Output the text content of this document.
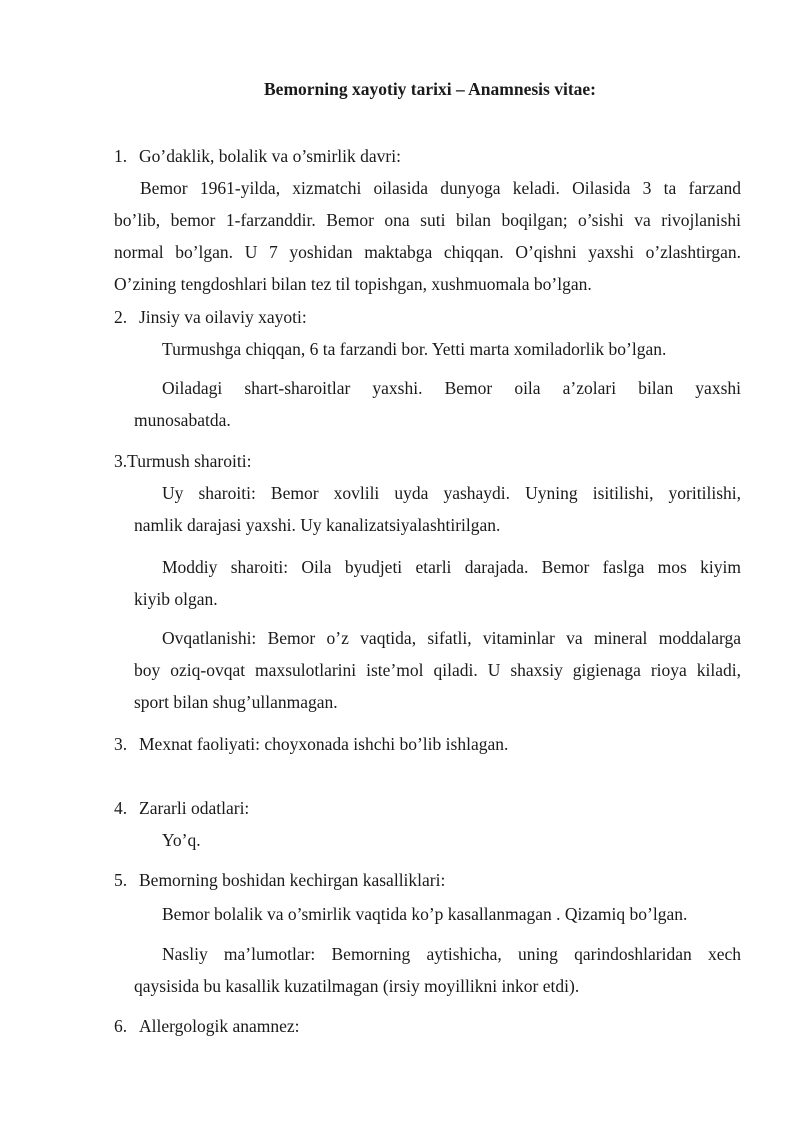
Bemorning xayotiy tarixi – Anamnesis vitae:
1. Go’daklik, bolalik va o’smirlik davri:
Bemor 1961-yilda, xizmatchi oilasida dunyoga keladi. Oilasida 3 ta farzand
bo’lib, bemor 1-farzanddir. Bemor ona suti bilan boqilgan; o’sishi va rivojlanishi
normal bo’lgan. U 7 yoshidan maktabga chiqqan. O’qishni yaxshi o’zlashtirgan.
O’zining tengdoshlari bilan tez til topishgan, xushmuomala bo’lgan.
2. Jinsiy va oilaviy xayoti:
Turmushga chiqqan, 6 ta farzandi bor. Yetti marta xomiladorlik bo’lgan.
Oiladagi shart-sharoitlar yaxshi. Bemor oila a’zolari bilan yaxshi
munosabatda.
3.Turmush sharoiti:
Uy sharoiti: Bemor xovlili uyda yashaydi. Uyning isitilishi, yoritilishi,
namlik darajasi yaxshi. Uy kanalizatsiyalashtirilgan.
Moddiy sharoiti: Oila byudjeti etarli darajada. Bemor faslga mos kiyim
kiyib olgan.
Ovqatlanishi: Bemor o’z vaqtida, sifatli, vitaminlar va mineral moddalarga
boy oziq-ovqat maxsulotlarini iste’mol qiladi. U shaxsiy gigienaga rioya kiladi,
sport bilan shug’ullanmagan.
3. Mexnat faoliyati: choyxonada ishchi bo’lib ishlagan.
4. Zararli odatlari:
Yo’q.
5. Bemorning boshidan kechirgan kasalliklari:
Bemor bolalik va o’smirlik vaqtida ko’p kasallanmagan . Qizamiq bo’lgan.
Nasliy ma’lumotlar: Bemorning aytishicha, uning qarindoshlaridan xech
qaysisida bu kasallik kuzatilmagan (irsiy moyillikni inkor etdi).
6. Allergologik anamnez:
